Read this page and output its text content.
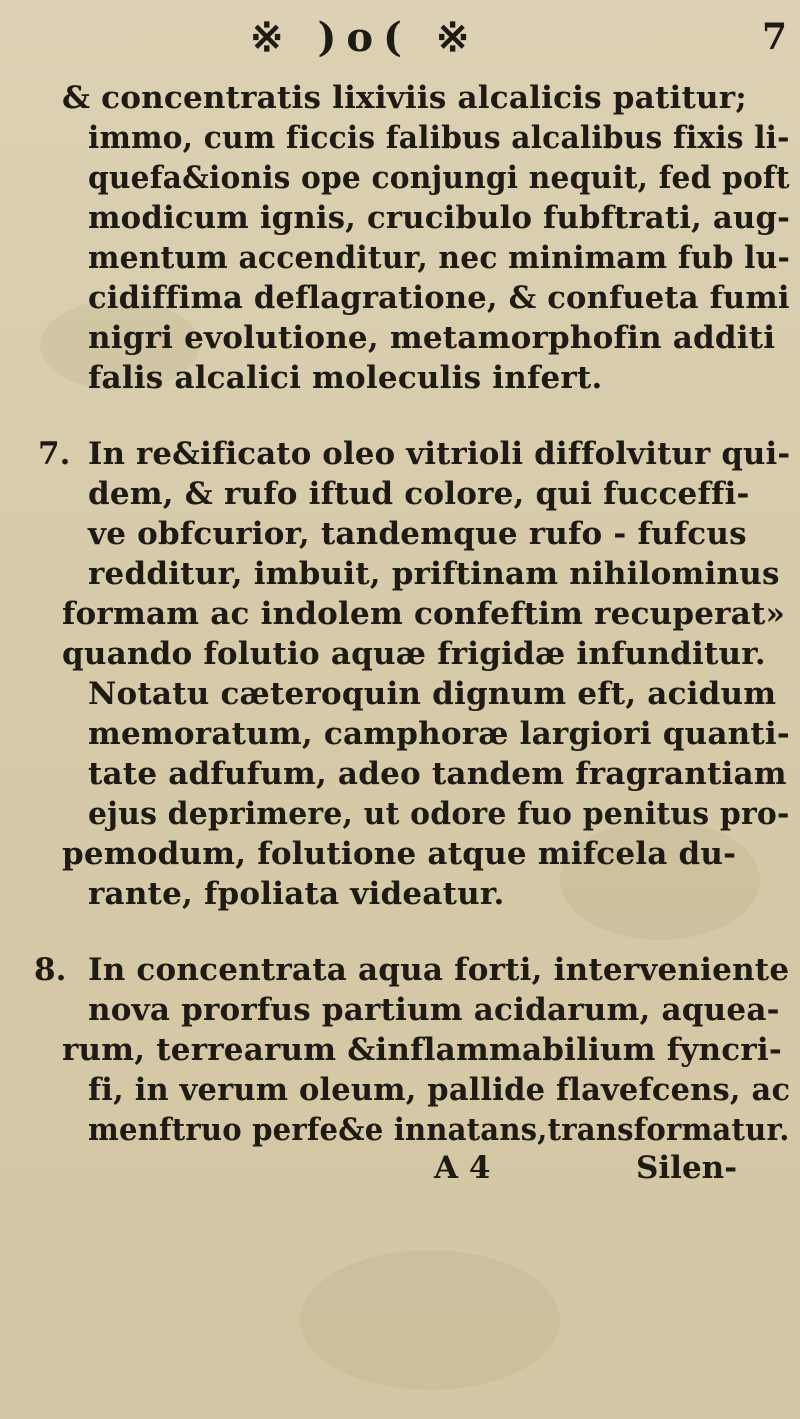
※ )o( ※	7
& concentratis lixiviis alcalicis patitur;
immo, cum ficcis falibus alcalibus fixis li-
quefa&ionis ope conjungi nequit, fed poft
modicum ignis, crucibulo fubftrati, aug-
mentum accenditur, nec minimam fub lu-
cidiffima deflagratione, & confueta fumi
nigri evolutione, metamorphofin additi
falis alcalici moleculis infert.
7. In re&ificato oleo vitrioli diffolvitur qui-
dem, & rufo iftud colore, qui fucceffi-
ve obfcurior, tandemque rufo - fufcus
redditur, imbuit, priftinam nihilominus
formam ac indolem confeftim recuperat»
quando folutio aquæ frigidæ infunditur.
Notatu cæteroquin dignum eft, acidum
memoratum, camphoræ largiori quanti-
tate adfufum, adeo tandem fragrantiam
ejus deprimere, ut odore fuo penitus pro-
pemodum, folutione atque mifcela du-
rante, fpoliata videatur.
8. In concentrata aqua forti, interveniente
nova prorfus partium acidarum, aquea-
rum, terrearum &inflammabilium fyncri-
fi, in verum oleum, pallide flavefcens, ac
menftruo perfe&e innatans,transformatur.
A 4	Silen-
